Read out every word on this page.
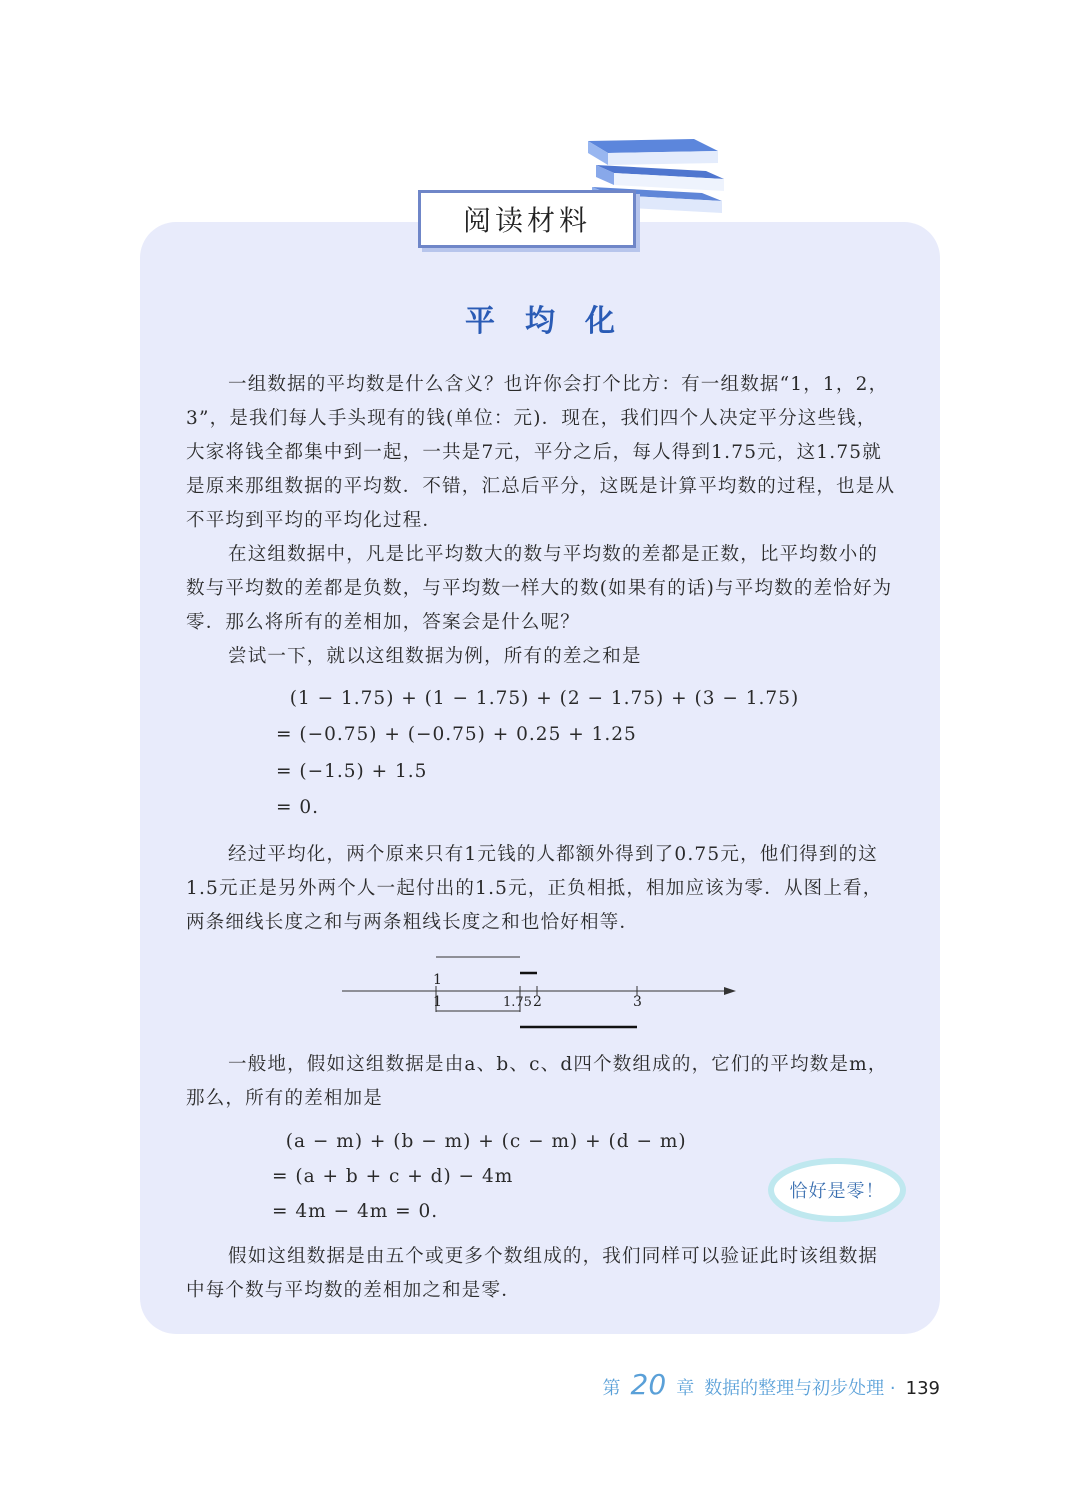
阅读材料
平均化

一组数据的平均数是什么含义？也许你会打个比方：有一组数据“1，1，2，3”，是我们每人手头现有的钱(单位：元)．现在，我们四个人决定平分这些钱，大家将钱全都集中到一起，一共是7元，平分之后，每人得到1.75元，这1.75就是原来那组数据的平均数．不错，汇总后平分，这既是计算平均数的过程，也是从不平均到平均的平均化过程．

在这组数据中，凡是比平均数大的数与平均数的差都是正数，比平均数小的数与平均数的差都是负数，与平均数一样大的数(如果有的话)与平均数的差恰好为零．那么将所有的差相加，答案会是什么呢？

尝试一下，就以这组数据为例，所有的差之和是

(1 − 1.75) + (1 − 1.75) + (2 − 1.75) + (3 − 1.75)
= (−0.75) + (−0.75) + 0.25 + 1.25
= (−1.5) + 1.5
= 0.

经过平均化，两个原来只有1元钱的人都额外得到了0.75元，他们得到的这1.5元正是另外两个人一起付出的1.5元，正负相抵，相加应该为零．从图上看，两条细线长度之和与两条粗线长度之和也恰好相等．

1
1	1.75 2	3

一般地，假如这组数据是由a、b、c、d四个数组成的，它们的平均数是m，那么，所有的差相加是

(a − m) + (b − m) + (c − m) + (d − m)
= (a + b + c + d) − 4m
= 4m − 4m = 0.
恰好是零！

假如这组数据是由五个或更多个数组成的，我们同样可以验证此时该组数据中每个数与平均数的差相加之和是零．

第 20 章 数据的整理与初步处理 · 139
